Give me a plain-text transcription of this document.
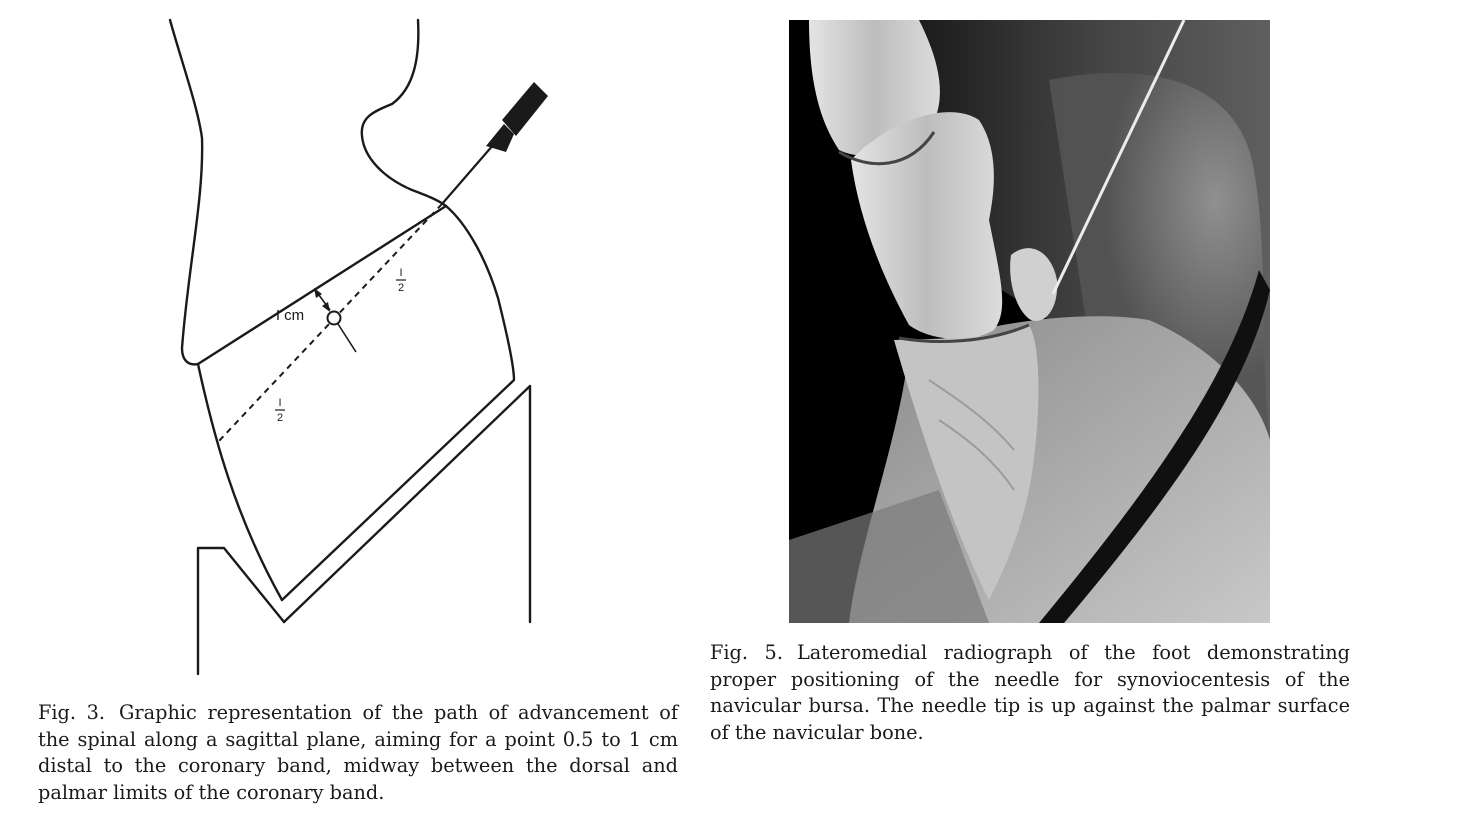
I cm
I
2
I
2
Fig. 3. Graphic representation of the path of advancement of the spinal along a sagittal plane, aiming for a point 0.5 to 1 cm distal to the coronary band, midway between the dorsal and palmar limits of the coronary band.
Fig. 5. Lateromedial radiograph of the foot demonstrating proper positioning of the needle for synoviocentesis of the navicular bursa. The needle tip is up against the palmar surface of the navicular bone.
